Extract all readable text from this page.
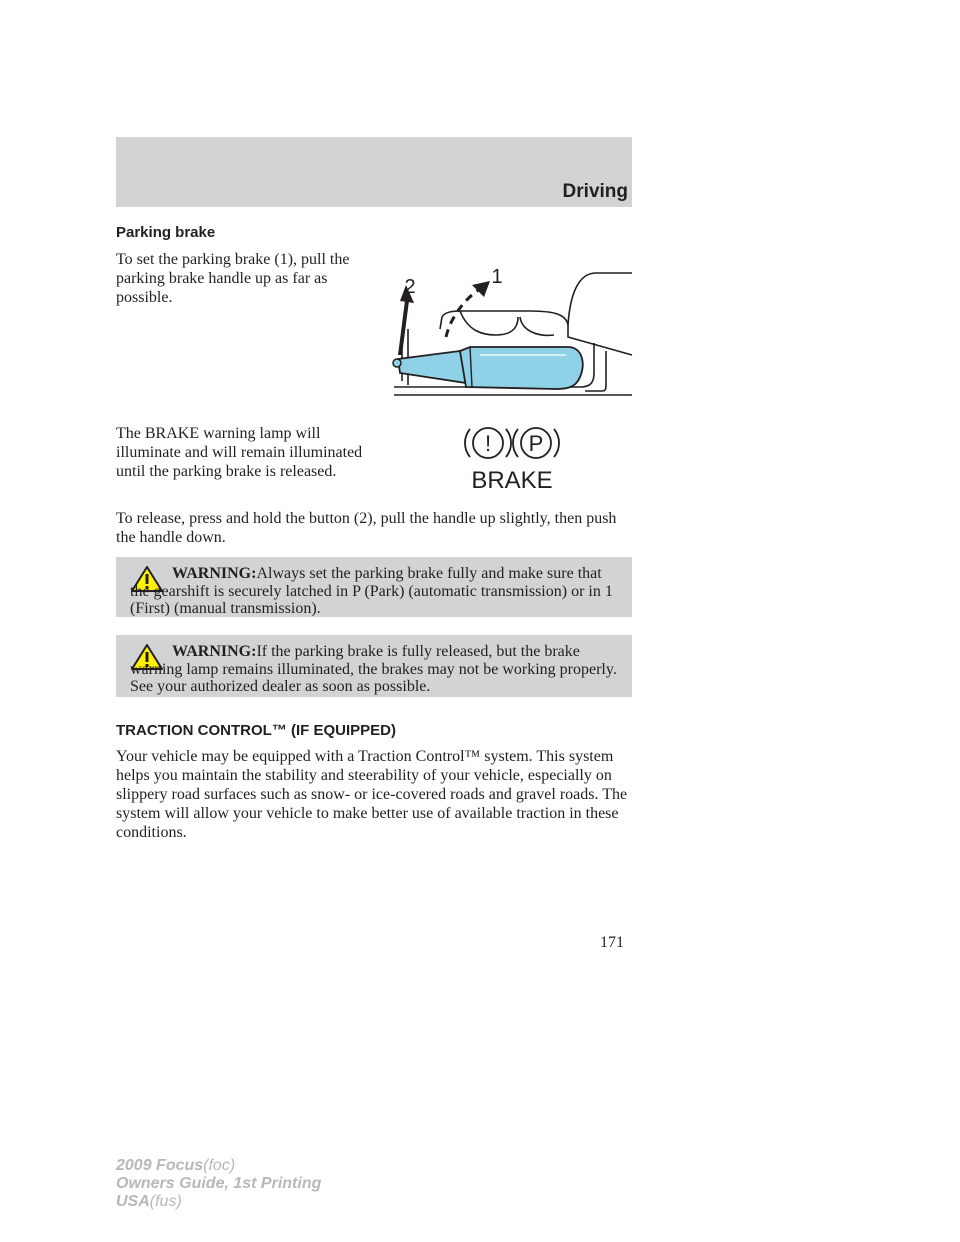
Driving
Parking brake

To set the parking brake (1), pull the parking brake handle up as far as possible.	2	1

The BRAKE warning lamp will illuminate and will remain illuminated until the parking brake is released.

! P
BRAKE

To release, press and hold the button (2), pull the handle up slightly, then push the handle down.

WARNING:Always set the parking brake fully and make sure that the gearshift is securely latched in P (Park) (automatic transmission) or in 1 (First) (manual transmission).

WARNING:If the parking brake is fully released, but the brake warning lamp remains illuminated, the brakes may not be working properly. See your authorized dealer as soon as possible.

TRACTION CONTROL™ (IF EQUIPPED)

Your vehicle may be equipped with a Traction Control™ system. This system helps you maintain the stability and steerability of your vehicle, especially on slippery road surfaces such as snow- or ice-covered roads and gravel roads. The system will allow your vehicle to make better use of available traction in these conditions.

171
2009 Focus(foc)
Owners Guide, 1st Printing
USA(fus)
